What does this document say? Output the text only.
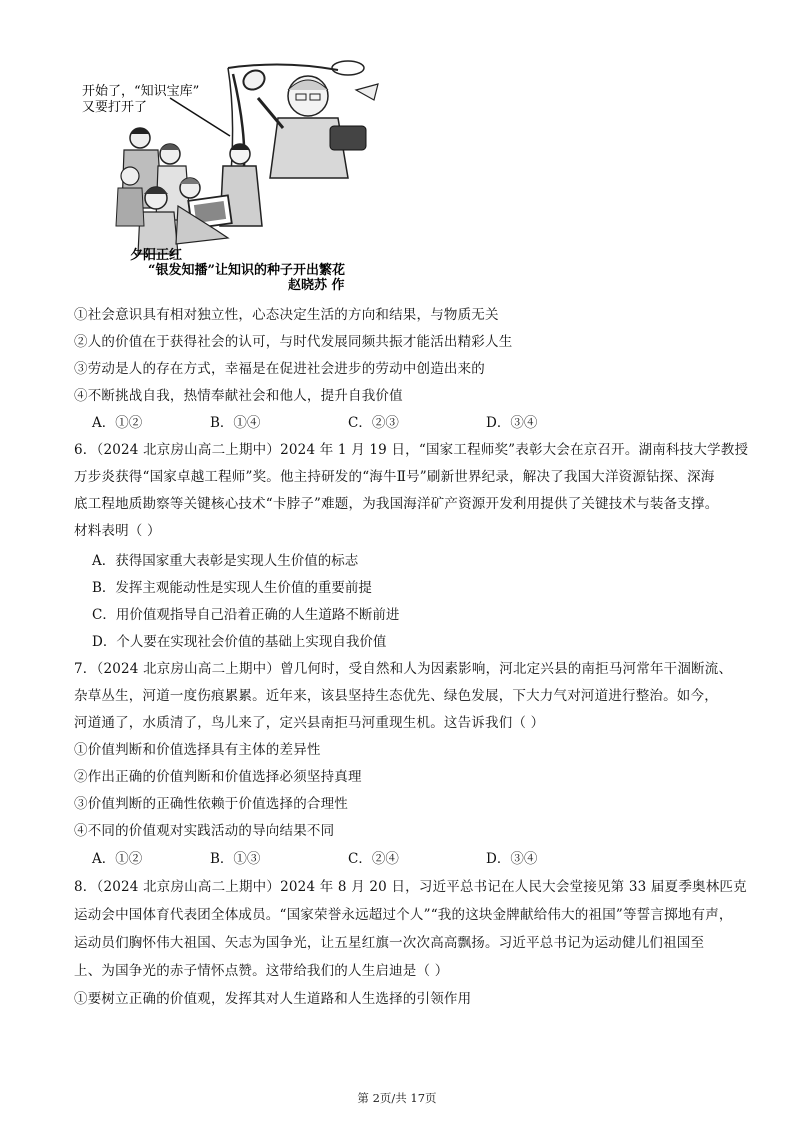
开始了，“知识宝库”
又要打开了
夕阳正红
“银发知播”让知识的种子开出繁花
赵晓苏 作
①社会意识具有相对独立性，心态决定生活的方向和结果，与物质无关
②人的价值在于获得社会的认可，与时代发展同频共振才能活出精彩人生
③劳动是人的存在方式，幸福是在促进社会进步的劳动中创造出来的
④不断挑战自我，热情奉献社会和他人，提升自我价值
A．①②	B．①④	C．②③	D．③④
6．（2024 北京房山高二上期中）2024 年 1 月 19 日，“国家工程师奖”表彰大会在京召开。湖南科技大学教授
万步炎获得“国家卓越工程师”奖。他主持研发的“海牛Ⅱ号”刷新世界纪录，解决了我国大洋资源钻探、深海
底工程地质勘察等关键核心技术“卡脖子”难题，为我国海洋矿产资源开发利用提供了关键技术与装备支撑。
材料表明（ ）
A．获得国家重大表彰是实现人生价值的标志
B．发挥主观能动性是实现人生价值的重要前提
C．用价值观指导自己沿着正确的人生道路不断前进
D．个人要在实现社会价值的基础上实现自我价值
7．（2024 北京房山高二上期中）曾几何时，受自然和人为因素影响，河北定兴县的南拒马河常年干涸断流、
杂草丛生，河道一度伤痕累累。近年来，该县坚持生态优先、绿色发展，下大力气对河道进行整治。如今，
河道通了，水质清了，鸟儿来了，定兴县南拒马河重现生机。这告诉我们（ ）
①价值判断和价值选择具有主体的差异性
②作出正确的价值判断和价值选择必须坚持真理
③价值判断的正确性依赖于价值选择的合理性
④不同的价值观对实践活动的导向结果不同
A．①②	B．①③	C．②④	D．③④
8．（2024 北京房山高二上期中）2024 年 8 月 20 日，习近平总书记在人民大会堂接见第 33 届夏季奥林匹克
运动会中国体育代表团全体成员。“国家荣誉永远超过个人”“我的这块金牌献给伟大的祖国”等誓言掷地有声，
运动员们胸怀伟大祖国、矢志为国争光，让五星红旗一次次高高飘扬。习近平总书记为运动健儿们祖国至
上、为国争光的赤子情怀点赞。这带给我们的人生启迪是（ ）
①要树立正确的价值观，发挥其对人生道路和人生选择的引领作用
第 2页/共 17页
